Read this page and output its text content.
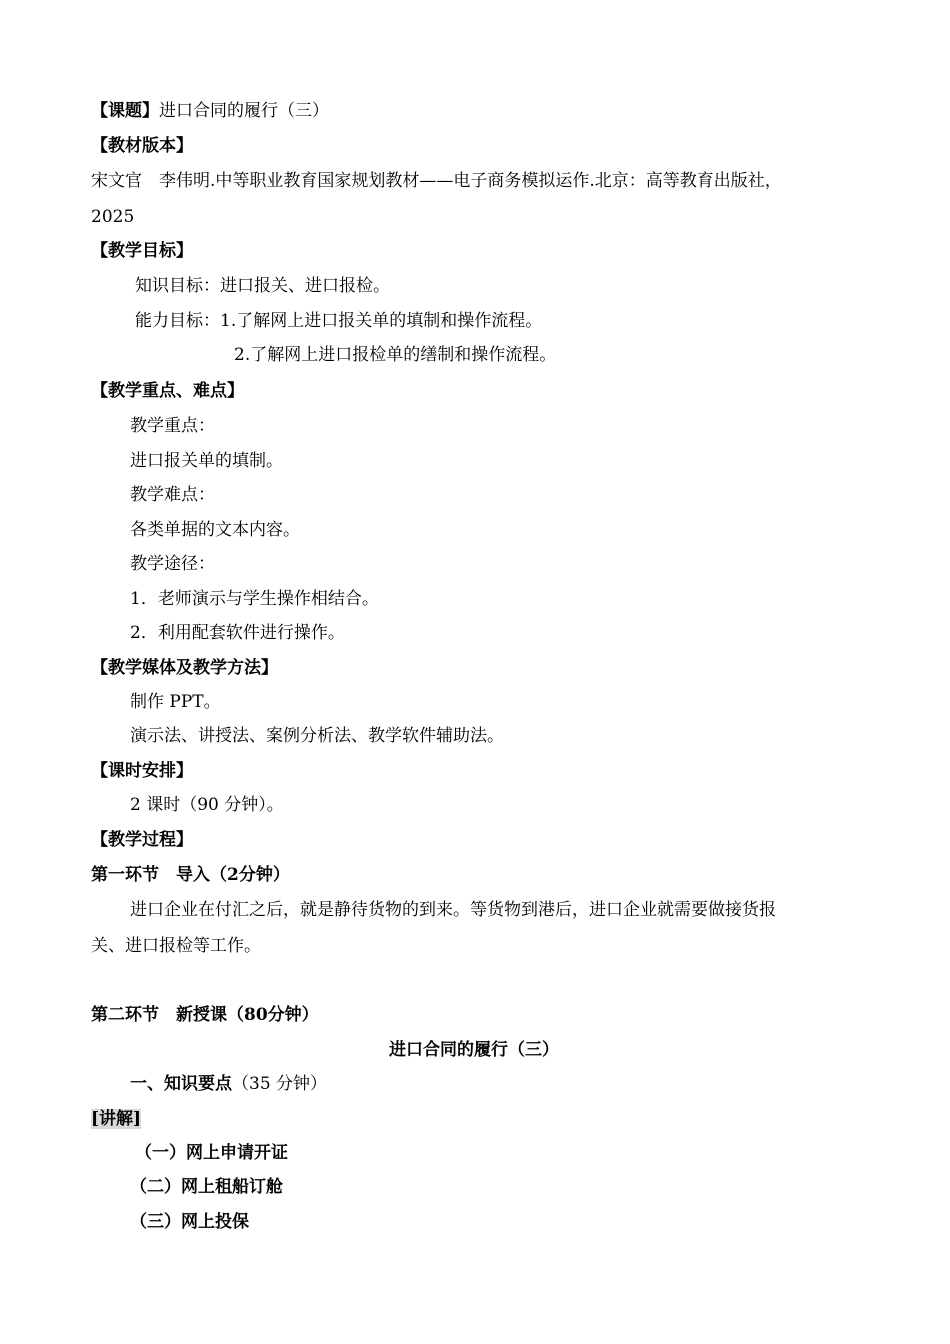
【课题】进口合同的履行（三）
【教材版本】
宋文官　李伟明.中等职业教育国家规划教材——电子商务模拟运作.北京：高等教育出版社，
2025
【教学目标】
知识目标：进口报关、进口报检。
能力目标：1.了解网上进口报关单的填制和操作流程。
2.了解网上进口报检单的缮制和操作流程。
【教学重点、难点】
教学重点：
进口报关单的填制。
教学难点：
各类单据的文本内容。
教学途径：
1．老师演示与学生操作相结合。
2．利用配套软件进行操作。
【教学媒体及教学方法】
制作 PPT。
演示法、讲授法、案例分析法、教学软件辅助法。
【课时安排】
2 课时（90 分钟）。
【教学过程】
第一环节　导入（2分钟）
进口企业在付汇之后，就是静待货物的到来。等货物到港后，进口企业就需要做接货报
关、进口报检等工作。
第二环节　新授课（80分钟）
进口合同的履行（三）
一、知识要点（35 分钟）
[讲解]
（一）网上申请开证
（二）网上租船订舱
（三）网上投保
